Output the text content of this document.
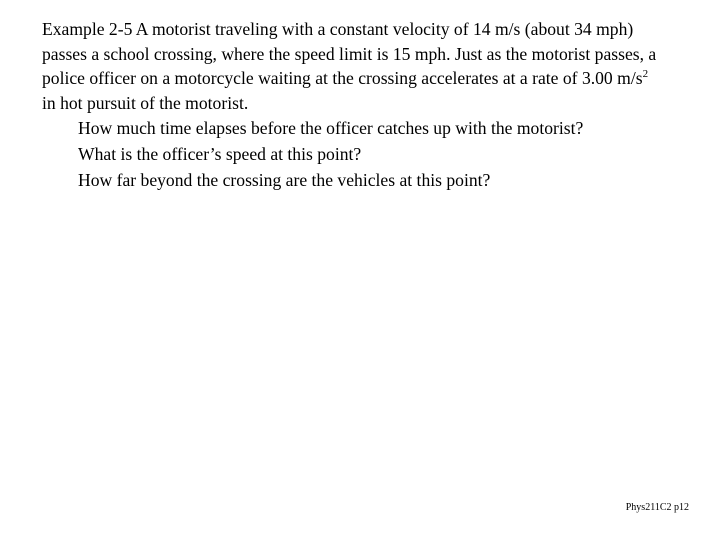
Example 2-5 A motorist traveling with a constant velocity of 14 m/s (about 34 mph)
passes a school crossing, where the speed limit is 15 mph. Just as the motorist passes, a
police officer on a motorcycle waiting at the crossing accelerates at a rate of 3.00 $m/s^2$
in hot pursuit of the motorist.

How much time elapses before the officer catches up with the motorist?
What is the officer’s speed at this point?
How far beyond the crossing are the vehicles at this point?
Phys211C2 p12
